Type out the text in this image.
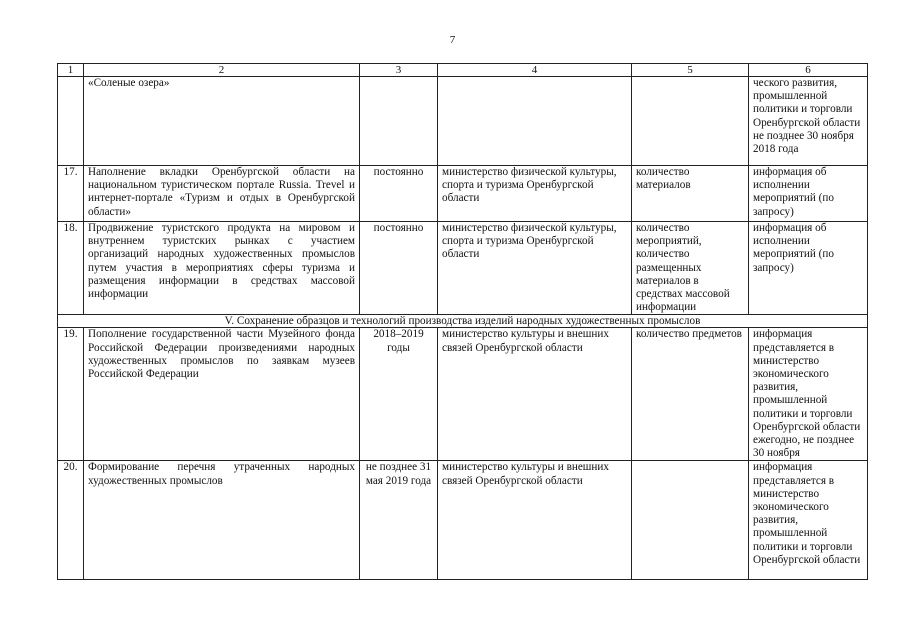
7
1	2	3	4	5	6
	«Соленые озера»				ческого развития, промышленной политики и торговли Оренбургской области не позднее 30 ноября 2018 года
17.	Наполнение вкладки Оренбургской области на национальном туристическом портале Russia. Trevel и интернет-портале «Туризм и отдых в Оренбургской области»	постоянно	министерство физической культуры, спорта и туризма Оренбургской области	количество материалов	информация об исполнении мероприятий (по запросу)
18.	Продвижение туристского продукта на мировом и внутреннем туристских рынках с участием организаций народных художественных промыслов путем участия в мероприятиях сферы туризма и размещения информации в средствах массовой информации	постоянно	министерство физической культуры, спорта и туризма Оренбургской области	количество мероприятий, количество размещенных материалов в средствах массовой информации	информация об исполнении мероприятий (по запросу)
V. Сохранение образцов и технологий производства изделий народных художественных промыслов					
19.	Пополнение государственной части Музейного фонда Российской Федерации произведениями народных художественных промыслов по заявкам музеев Российской Федерации	2018–2019 годы	министерство культуры и внешних связей Оренбургской области	количество предметов	информация представляется в министерство экономического развития, промышленной политики и торговли Оренбургской области ежегодно, не позднее 30 ноября
20.	Формирование перечня утраченных народных художественных промыслов	не позднее 31 мая 2019 года	министерство культуры и внешних связей Оренбургской области		информация представляется в министерство экономического развития, промышленной политики и торговли Оренбургской области
